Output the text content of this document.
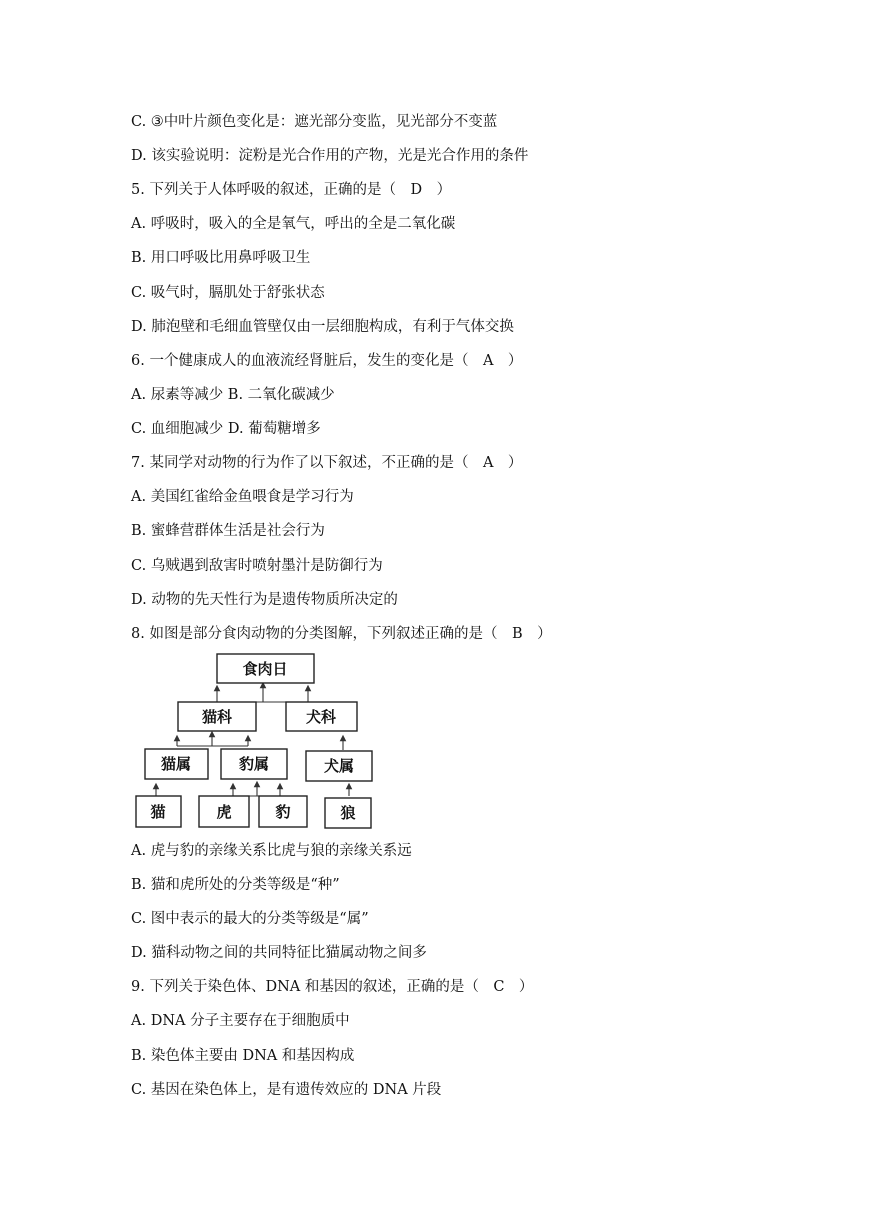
C. ③中叶片颜色变化是：遮光部分变监，见光部分不变蓝
D. 该实验说明：淀粉是光合作用的产物，光是光合作用的条件
5. 下列关于人体呼吸的叙述，正确的是（　D　）
A. 呼吸时，吸入的全是氧气，呼出的全是二氧化碳
B. 用口呼吸比用鼻呼吸卫生
C. 吸气时，膈肌处于舒张状态
D. 肺泡壁和毛细血管壁仅由一层细胞构成，有利于气体交换
6. 一个健康成人的血液流经肾脏后，发生的变化是（　A　）
A. 尿素等减少 B. 二氧化碳减少
C. 血细胞减少 D. 葡萄糖增多
7. 某同学对动物的行为作了以下叙述，不正确的是（　A　）
A. 美国红雀给金鱼喂食是学习行为
B. 蜜蜂营群体生活是社会行为
C. 乌贼遇到敌害时喷射墨汁是防御行为
D. 动物的先天性行为是遗传物质所决定的
8. 如图是部分食肉动物的分类图解，下列叙述正确的是（　B　）
食肉日
猫科	犬科
猫属	豹属	犬属
猫	虎	豹	狼
A. 虎与豹的亲缘关系比虎与狼的亲缘关系远
B. 猫和虎所处的分类等级是“种”
C. 图中表示的最大的分类等级是“属”
D. 猫科动物之间的共同特征比猫属动物之间多
9. 下列关于染色体、DNA 和基因的叙述，正确的是（　C　）
A. DNA 分子主要存在于细胞质中
B. 染色体主要由 DNA 和基因构成
C. 基因在染色体上，是有遗传效应的 DNA 片段
